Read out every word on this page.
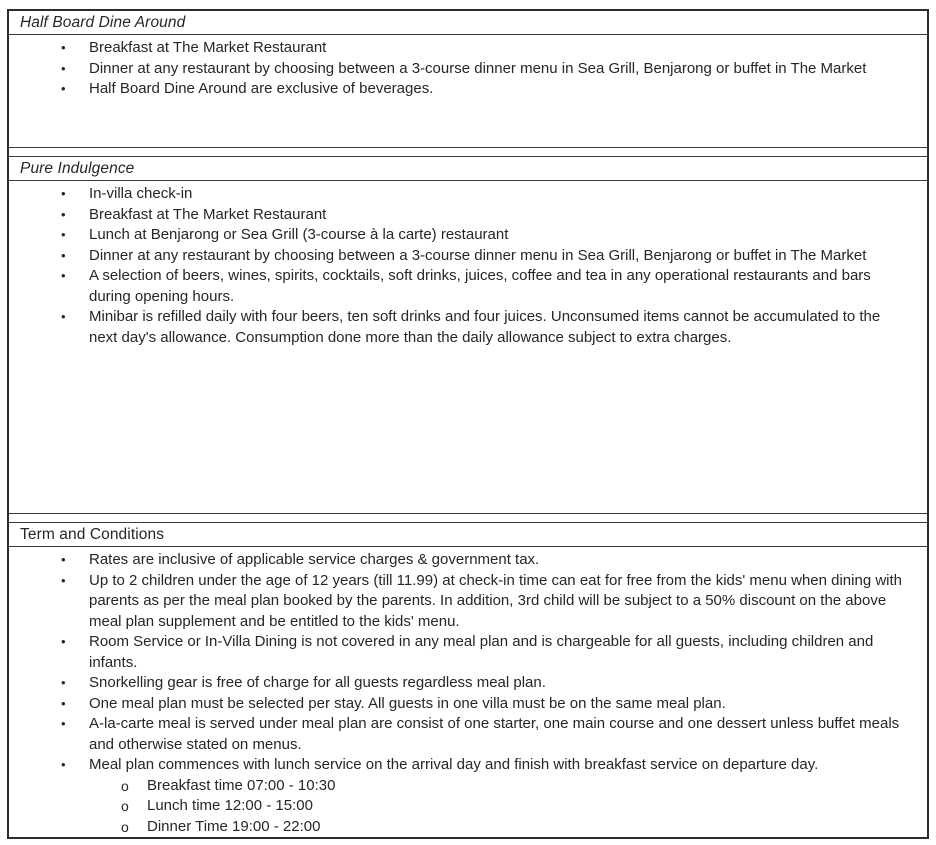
Half Board Dine Around
•	Breakfast at The Market Restaurant
•	Dinner at any restaurant by choosing between a 3-course dinner menu in Sea Grill, Benjarong or buffet in The Market
•	Half Board Dine Around are exclusive of beverages.
Pure Indulgence
•	In-villa check-in
•	Breakfast at The Market Restaurant
•	Lunch at Benjarong or Sea Grill (3-course à la carte) restaurant
•	Dinner at any restaurant by choosing between a 3-course dinner menu in Sea Grill, Benjarong or buffet in The Market
•	A selection of beers, wines, spirits, cocktails, soft drinks, juices, coffee and tea in any operational restaurants and bars during opening hours.
•	Minibar is refilled daily with four beers, ten soft drinks and four juices. Unconsumed items cannot be accumulated to the next day's allowance. Consumption done more than the daily allowance subject to extra charges.
Term and Conditions
•	Rates are inclusive of applicable service charges & government tax.
•	Up to 2 children under the age of 12 years (till 11.99) at check-in time can eat for free from the kids' menu when dining with parents as per the meal plan booked by the parents. In addition, 3rd child will be subject to a 50% discount on the above meal plan supplement and be entitled to the kids' menu.
•	Room Service or In-Villa Dining is not covered in any meal plan and is chargeable for all guests, including children and infants.
•	Snorkelling gear is free of charge for all guests regardless meal plan.
•	One meal plan must be selected per stay. All guests in one villa must be on the same meal plan.
•	A-la-carte meal is served under meal plan are consist of one starter, one main course and one dessert unless buffet meals and otherwise stated on menus.
•	Meal plan commences with lunch service on the arrival day and finish with breakfast service on departure day.
o	Breakfast time 07:00 - 10:30
o	Lunch time 12:00 - 15:00
o	Dinner Time 19:00 - 22:00
